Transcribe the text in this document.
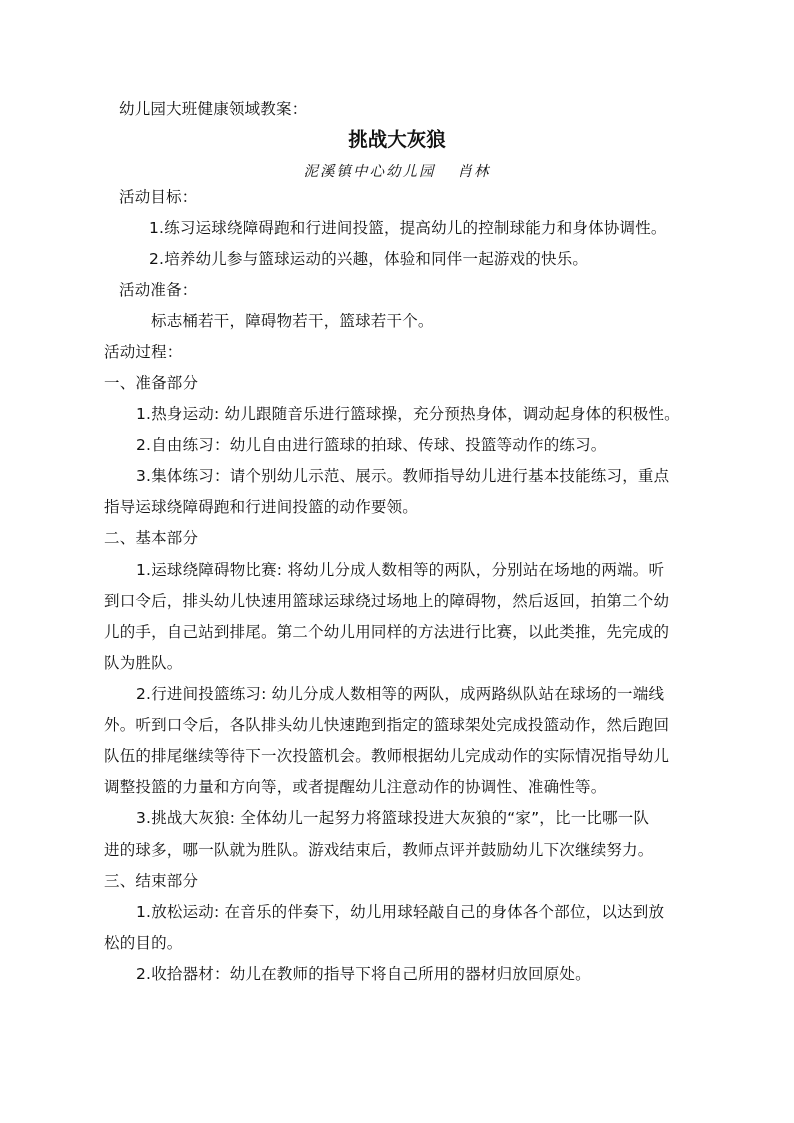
幼儿园大班健康领域教案：
挑战大灰狼
泥溪镇中心幼儿园 肖林
活动目标：
1.练习运球绕障碍跑和行进间投篮，提高幼儿的控制球能力和身体协调性。
2.培养幼儿参与篮球运动的兴趣，体验和同伴一起游戏的快乐。
活动准备：
标志桶若干，障碍物若干，篮球若干个。
活动过程：
一、准备部分
1.热身运动: 幼儿跟随音乐进行篮球操，充分预热身体，调动起身体的积极性。
2.自由练习：幼儿自由进行篮球的拍球、传球、投篮等动作的练习。
3.集体练习：请个别幼儿示范、展示。教师指导幼儿进行基本技能练习，重点
指导运球绕障碍跑和行进间投篮的动作要领。
二、基本部分
1.运球绕障碍物比赛: 将幼儿分成人数相等的两队，分别站在场地的两端。听
到口令后，排头幼儿快速用篮球运球绕过场地上的障碍物，然后返回，拍第二个幼
儿的手，自己站到排尾。第二个幼儿用同样的方法进行比赛，以此类推，先完成的
队为胜队。
2.行进间投篮练习: 幼儿分成人数相等的两队，成两路纵队站在球场的一端线
外。听到口令后，各队排头幼儿快速跑到指定的篮球架处完成投篮动作，然后跑回
队伍的排尾继续等待下一次投篮机会。教师根据幼儿完成动作的实际情况指导幼儿
调整投篮的力量和方向等，或者提醒幼儿注意动作的协调性、准确性等。
3.挑战大灰狼: 全体幼儿一起努力将篮球投进大灰狼的“家”，比一比哪一队
进的球多，哪一队就为胜队。游戏结束后，教师点评并鼓励幼儿下次继续努力。
三、结束部分
1.放松运动: 在音乐的伴奏下，幼儿用球轻敲自己的身体各个部位，以达到放
松的目的。
2.收拾器材：幼儿在教师的指导下将自己所用的器材归放回原处。
